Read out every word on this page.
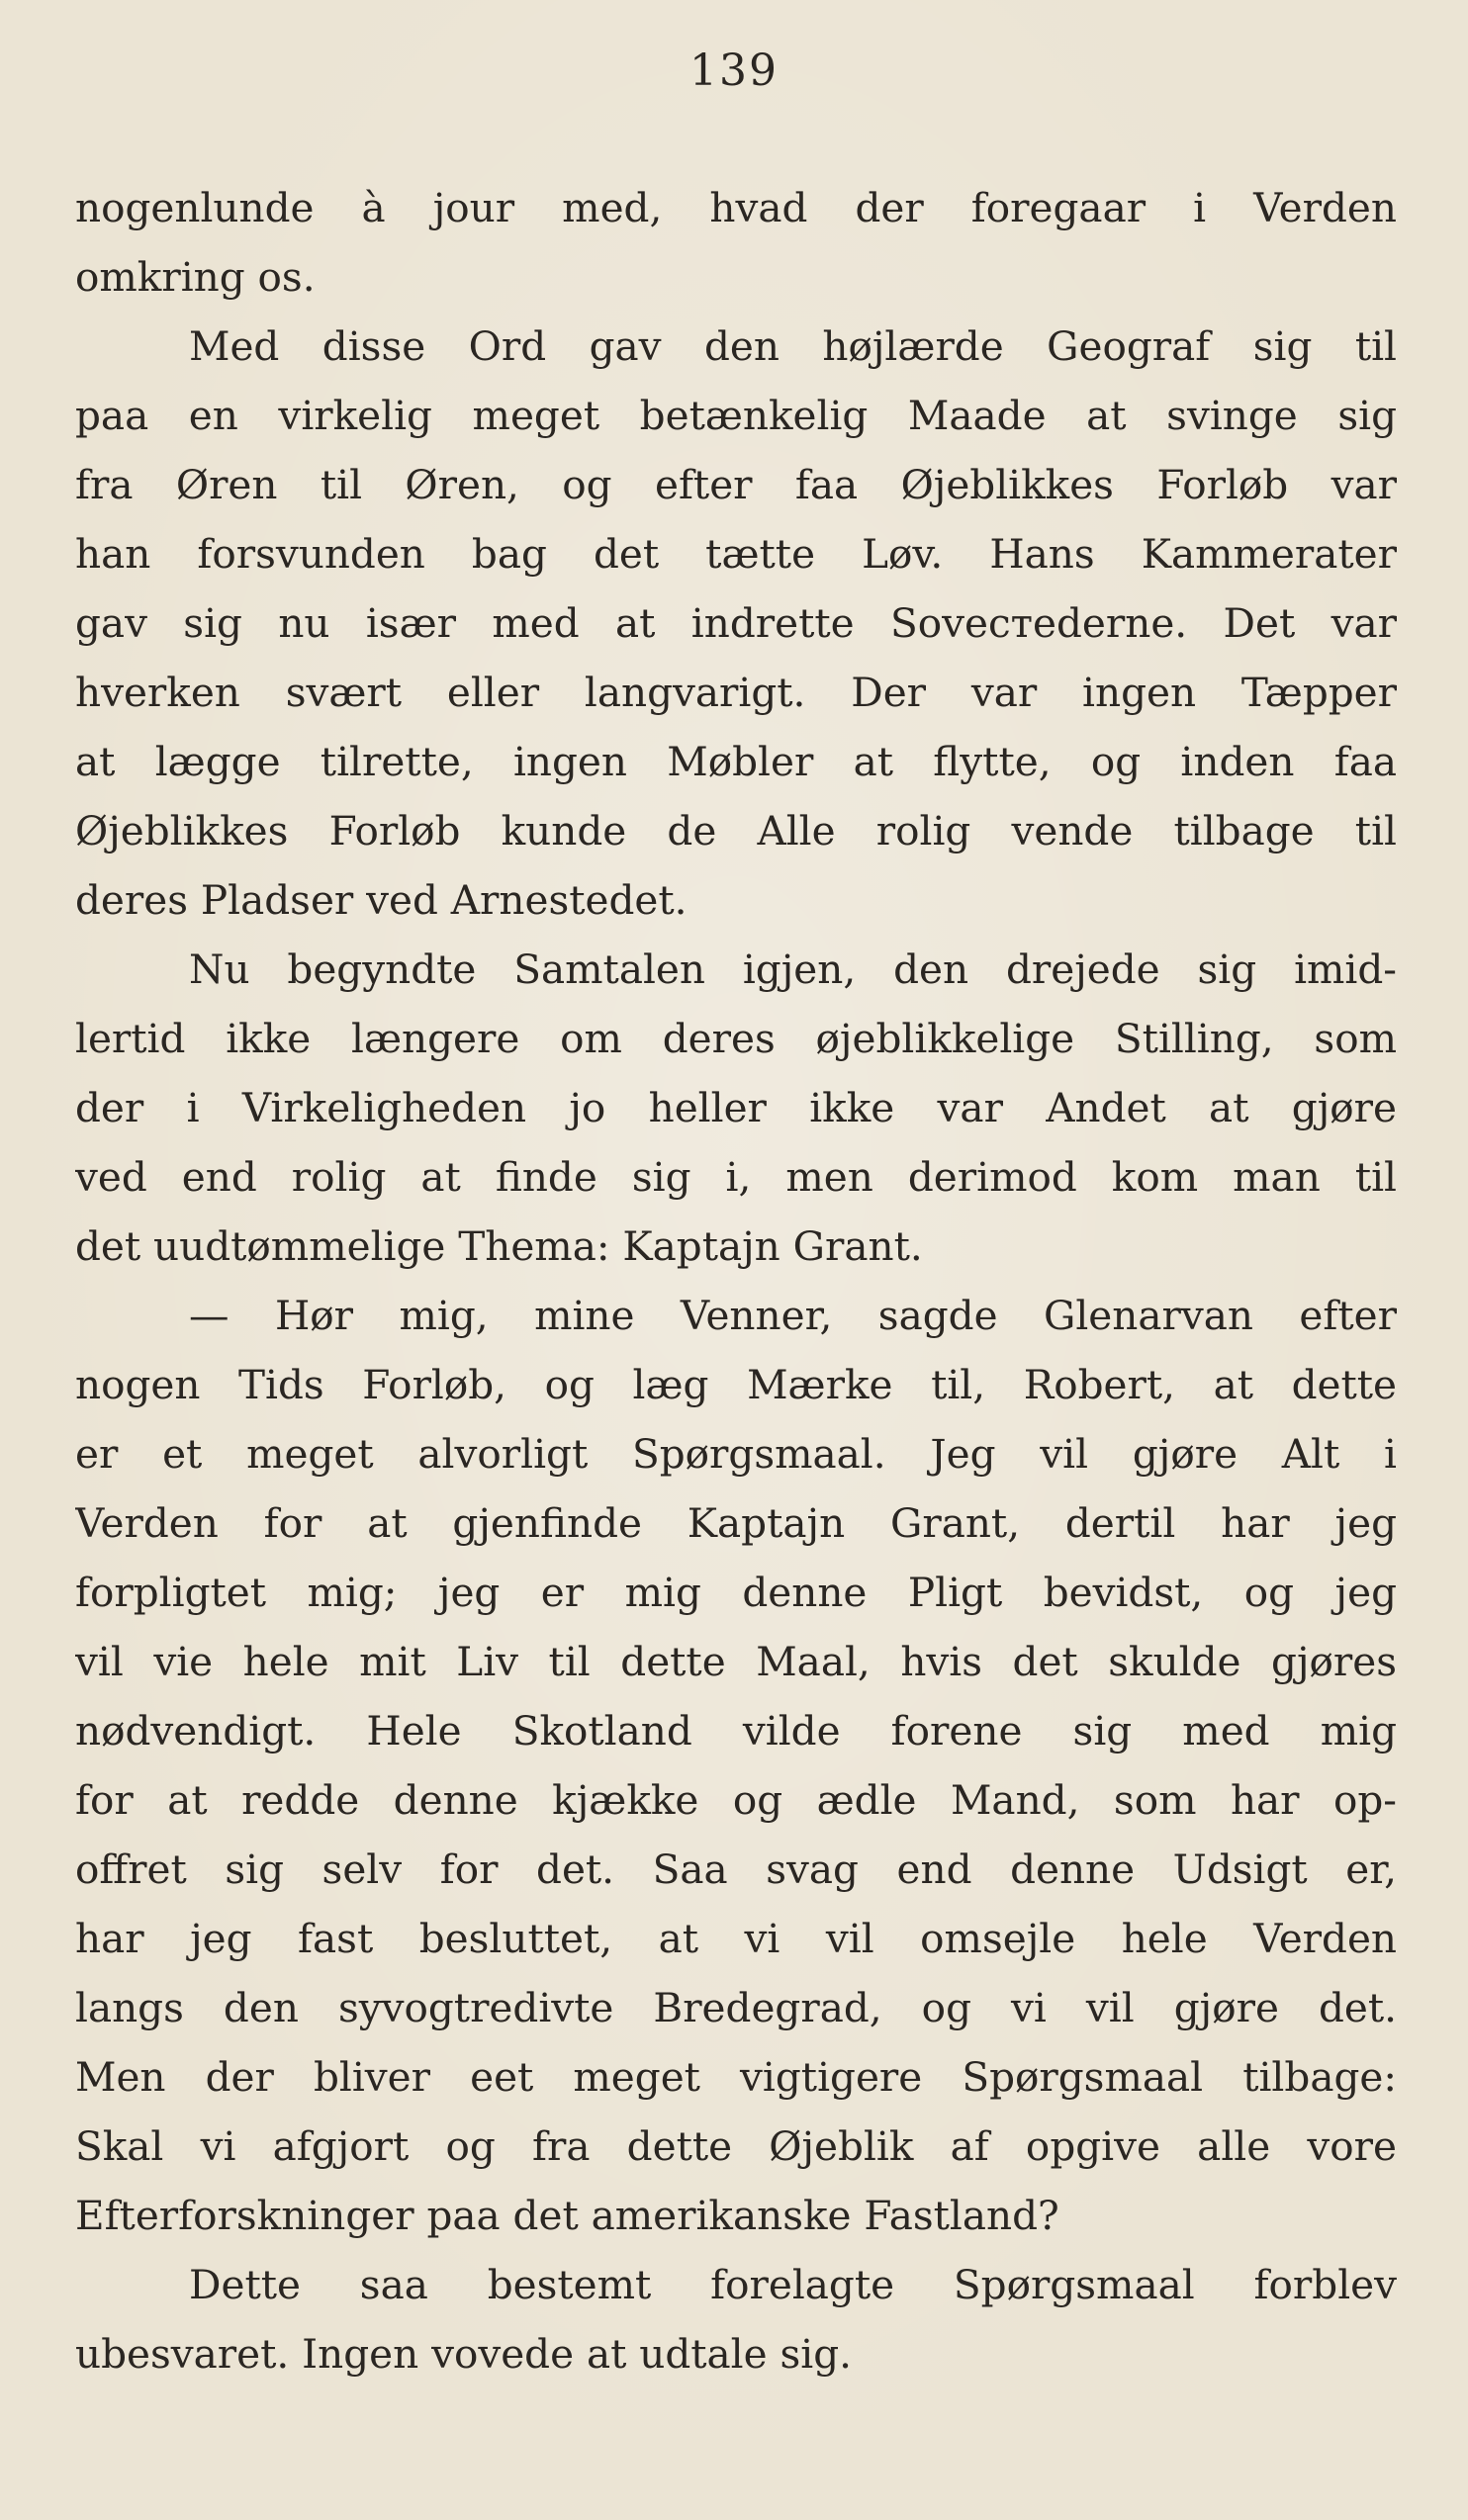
139
nogenlunde à jour med, hvad der foregaar i Verden
omkring os.
Med disse Ord gav den højlærde Geograf sig til
paa en virkelig meget betænkelig Maade at svinge sig
fra Øren til Øren, og efter faa Øjeblikkes Forløb var
han forsvunden bag det tætte Løv. Hans Kammerater
gav sig nu især med at indrette Soveстederne. Det var
hverken svært eller langvarigt. Der var ingen Tæpper
at lægge tilrette, ingen Møbler at flytte, og inden faa
Øjeblikkes Forløb kunde de Alle rolig vende tilbage til
deres Pladser ved Arnestedet.
Nu begyndte Samtalen igjen, den drejede sig imid-
lertid ikke længere om deres øjeblikkelige Stilling, som
der i Virkeligheden jo heller ikke var Andet at gjøre
ved end rolig at finde sig i, men derimod kom man til
det uudtømmelige Thema: Kaptajn Grant.
— Hør mig, mine Venner, sagde Glenarvan efter
nogen Tids Forløb, og læg Mærke til, Robert, at dette
er et meget alvorligt Spørgsmaal. Jeg vil gjøre Alt i
Verden for at gjenfinde Kaptajn Grant, dertil har jeg
forpligtet mig; jeg er mig denne Pligt bevidst, og jeg
vil vie hele mit Liv til dette Maal, hvis det skulde gjøres
nødvendigt. Hele Skotland vilde forene sig med mig
for at redde denne kjække og ædle Mand, som har op-
offret sig selv for det. Saa svag end denne Udsigt er,
har jeg fast besluttet, at vi vil omsejle hele Verden
langs den syvogtredivte Bredegrad, og vi vil gjøre det.
Men der bliver eet meget vigtigere Spørgsmaal tilbage:
Skal vi afgjort og fra dette Øjeblik af opgive alle vore
Efterforskninger paa det amerikanske Fastland?
Dette saa bestemt forelagte Spørgsmaal forblev
ubesvaret. Ingen vovede at udtale sig.
